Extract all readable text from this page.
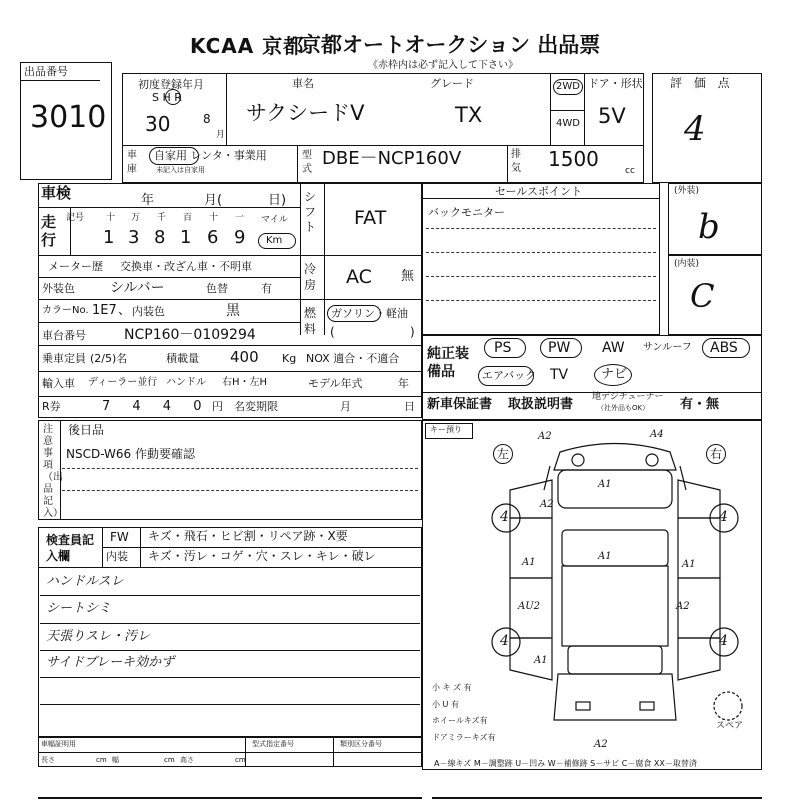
KCAA 京都
京都オートオークション 出品票
《赤枠内は必ず記入して下さい》
出品番号
3010
初度登録年月
S H R
30	8
月
車名
サクシードV
グレード
TX
2WD
4WD
ドア・形状
5V
車庫
自家用 レンタ・事業用
未記入は自家用
型式
DBE－NCP160V	排気 1500	cc
評 価 点
4
車検	年	月(	日)
走行
記号 十 万 千 百 十 一 マイル
1 3 8 1 6 9 Km
シフト FAT
冷房 AC 無
燃料
ガソリン・軽油
(	)
メーター歴 交換車・改ざん車・不明車
外装色	シルバー	色替	有
カラーNo. 1E7 、 内装色	黒
車台番号	NCP160－0109294
乗車定員 (2/5)名	積載量 400 Kg NOX 適合・不適合
輸入車 ディーラー並行 ハンドル 右H・左H	モデル年式	年
R券	7 4 4 0 円 名変期限	月	日
セールスポイント
バックモニター
(外装)
b
(内装)
C
純正装備品
PS	PW AW サンルーフ ABS
エアバック TV	ナビ
新車保証書 取扱説明書 地デジチューナー
（社外品もOK） 有・無
注意事項（出品記入）
後日品
NSCD-W66 作動要確認
検査員記入欄
FW キズ・飛石・ヒビ割・リペア跡・X要
内装 キズ・汚レ・コゲ・穴・スレ・キレ・破レ
ハンドルスレ
シートシミ
天張りスレ・汚レ
サイドブレーキ効かず
車幅証明用
長さ	cm 幅	cm 高さ	cm
型式指定番号	類別区分番号
キー預り
左	右
A2	A4
A1
A2
A1
A1	A1
AU2	A2
A1
A2
4	4
4	4
小 キ ズ 有
小 U 有
ホイールキズ有
ドアミラーキズ有
スペア
A－線キズ M－調整跡 U－凹み W－補修跡 S－サビ C－腐食 XX－取替済
